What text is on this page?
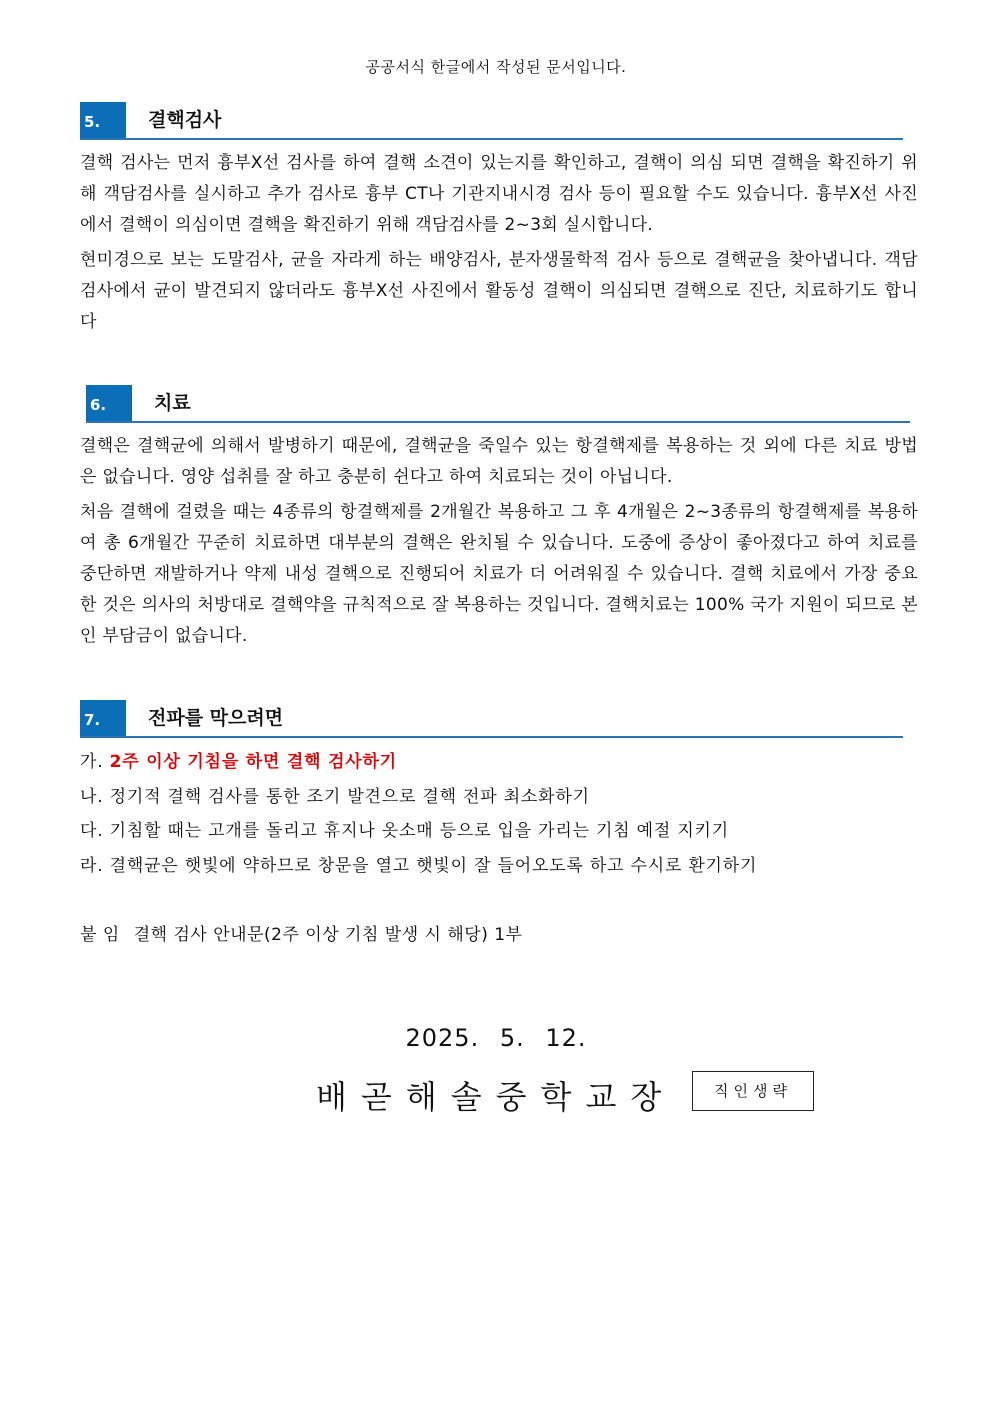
공공서식 한글에서 작성된 문서입니다.
5.	결핵검사

결핵 검사는 먼저 흉부X선 검사를 하여 결핵 소견이 있는지를 확인하고, 결핵이 의심 되면 결핵을 확진하기 위해 객담검사를 실시하고 추가 검사로 흉부 CT나 기관지내시경 검사 등이 필요할 수도 있습니다. 흉부X선 사진에서 결핵이 의심이면 결핵을 확진하기 위해 객담검사를 2~3회 실시합니다.

현미경으로 보는 도말검사, 균을 자라게 하는 배양검사, 분자생물학적 검사 등으로 결핵균을 찾아냅니다. 객담검사에서 균이 발견되지 않더라도 흉부X선 사진에서 활동성 결핵이 의심되면 결핵으로 진단, 치료하기도 합니다

6.	치료

결핵은 결핵균에 의해서 발병하기 때문에, 결핵균을 죽일수 있는 항결핵제를 복용하는 것 외에 다른 치료 방법은 없습니다. 영양 섭취를 잘 하고 충분히 쉰다고 하여 치료되는 것이 아닙니다.

처음 결핵에 걸렸을 때는 4종류의 항결핵제를 2개월간 복용하고 그 후 4개월은 2~3종류의 항결핵제를 복용하여 총 6개월간 꾸준히 치료하면 대부분의 결핵은 완치될 수 있습니다. 도중에 증상이 좋아졌다고 하여 치료를 중단하면 재발하거나 약제 내성 결핵으로 진행되어 치료가 더 어려워질 수 있습니다. 결핵 치료에서 가장 중요한 것은 의사의 처방대로 결핵약을 규칙적으로 잘 복용하는 것입니다. 결핵치료는 100% 국가 지원이 되므로 본인 부담금이 없습니다.

7.	전파를 막으려면
가. 2주 이상 기침을 하면 결핵 검사하기
나. 정기적 결핵 검사를 통한 조기 발견으로 결핵 전파 최소화하기
다. 기침할 때는 고개를 돌리고 휴지나 옷소매 등으로 입을 가리는 기침 예절 지키기
라. 결핵균은 햇빛에 약하므로 창문을 열고 햇빛이 잘 들어오도록 하고 수시로 환기하기
붙 임 결핵 검사 안내문(2주 이상 기침 발생 시 해당) 1부
2025. 5. 12.
배곧해솔중학교장	직인생략
